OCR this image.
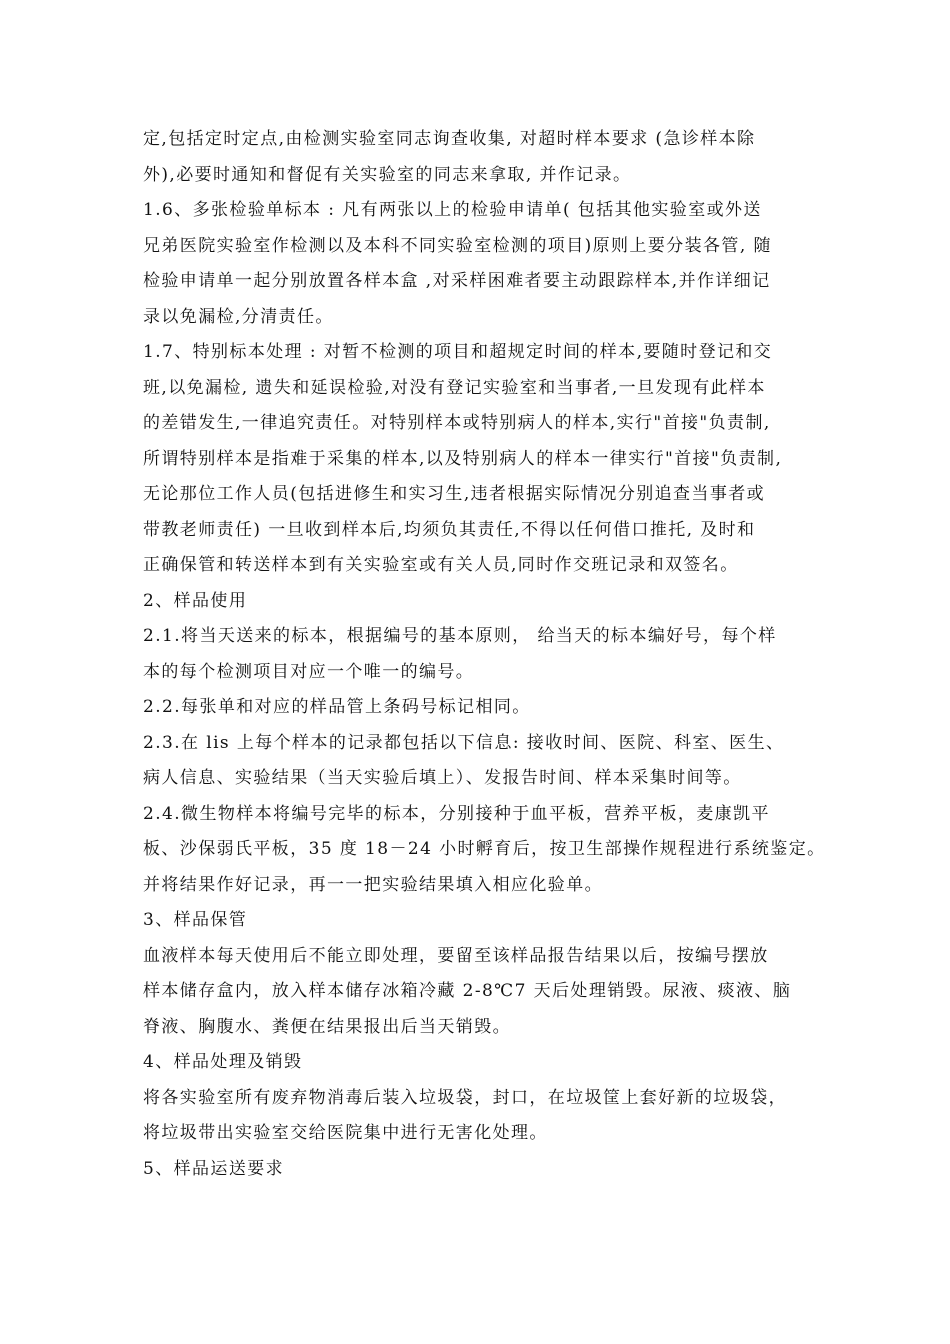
定,包括定时定点,由检测实验室同志询查收集, 对超时样本要求 (急诊样本除
外),必要时通知和督促有关实验室的同志来拿取, 并作记录。
1.6、多张检验单标本 : 凡有两张以上的检验申请单( 包括其他实验室或外送
兄弟医院实验室作检测以及本科不同实验室检测的项目)原则上要分装各管, 随
检验申请单一起分别放置各样本盒 ,对采样困难者要主动跟踪样本,并作详细记
录以免漏检,分清责任。
1.7、特别标本处理 : 对暂不检测的项目和超规定时间的样本,要随时登记和交
班,以免漏检, 遗失和延误检验,对没有登记实验室和当事者,一旦发现有此样本
的差错发生,一律追究责任。对特别样本或特别病人的样本,实行"首接"负责制,
所谓特别样本是指难于采集的样本,以及特别病人的样本一律实行"首接"负责制,
无论那位工作人员(包括进修生和实习生,违者根据实际情况分别追查当事者或
带教老师责任) 一旦收到样本后,均须负其责任,不得以任何借口推托, 及时和
正确保管和转送样本到有关实验室或有关人员,同时作交班记录和双签名。
2、样品使用
2.1.将当天送来的标本，根据编号的基本原则， 给当天的标本编好号，每个样
本的每个检测项目对应一个唯一的编号。
2.2.每张单和对应的样品管上条码号标记相同。
2.3.在 lis 上每个样本的记录都包括以下信息: 接收时间、医院、科室、医生、
病人信息、实验结果（当天实验后填上）、发报告时间、样本采集时间等。
2.4.微生物样本将编号完毕的标本，分别接种于血平板，营养平板，麦康凯平
板、沙保弱氏平板，35 度 18－24 小时孵育后，按卫生部操作规程进行系统鉴定。
并将结果作好记录，再一一把实验结果填入相应化验单。
3、样品保管
血液样本每天使用后不能立即处理，要留至该样品报告结果以后，按编号摆放
样本储存盒内，放入样本储存冰箱冷藏 2-8℃7 天后处理销毁。尿液、痰液、脑
脊液、胸腹水、粪便在结果报出后当天销毁。
4、样品处理及销毁
将各实验室所有废弃物消毒后装入垃圾袋，封口，在垃圾筐上套好新的垃圾袋，
将垃圾带出实验室交给医院集中进行无害化处理。
5、样品运送要求
